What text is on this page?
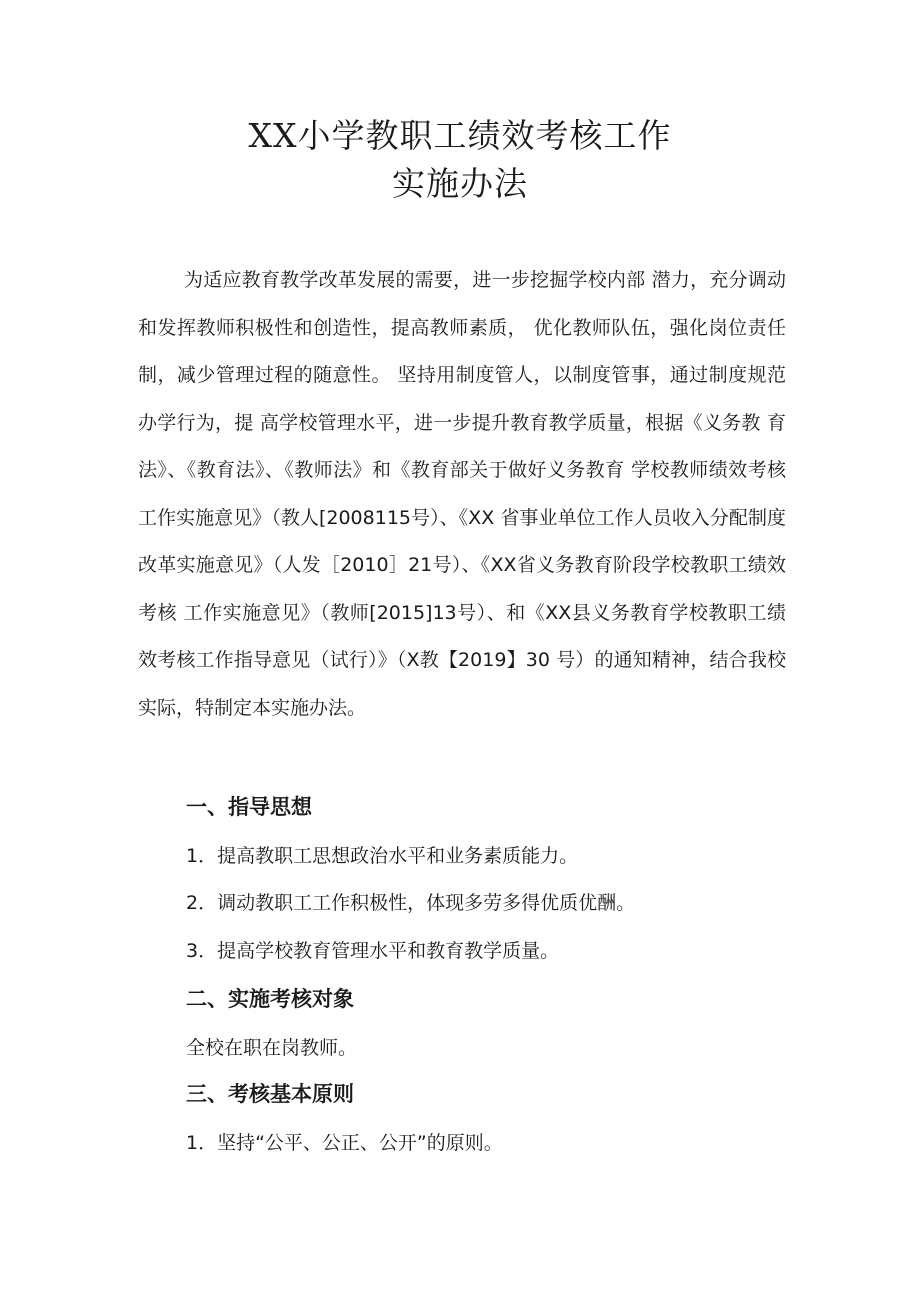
XX小学教职工绩效考核工作
实施办法

为适应教育教学改革发展的需要，进一步挖掘学校内部 潜力，充分调动和发挥教师积极性和创造性，提高教师素质， 优化教师队伍，强化岗位责任制，减少管理过程的随意性。 坚持用制度管人，以制度管事，通过制度规范办学行为，提 高学校管理水平，进一步提升教育教学质量，根据《义务教 育法》、《教育法》、《教师法》和《教育部关于做好义务教育 学校教师绩效考核工作实施意见》（教人[2008115号）、《XX 省事业单位工作人员收入分配制度改革实施意见》（人发［2010］21号）、《XX省义务教育阶段学校教职工绩效考核 工作实施意见》（教师[2015]13号）、和《XX县义务教育学校教职工绩效考核工作指导意见（试行）》（X教【2019】30 号）的通知精神，结合我校实际，特制定本实施办法。

一、指导思想
1．提高教职工思想政治水平和业务素质能力。
2．调动教职工工作积极性，体现多劳多得优质优酬。
3．提高学校教育管理水平和教育教学质量。
二、实施考核对象
全校在职在岗教师。
三、考核基本原则
1．坚持“公平、公正、公开”的原则。
